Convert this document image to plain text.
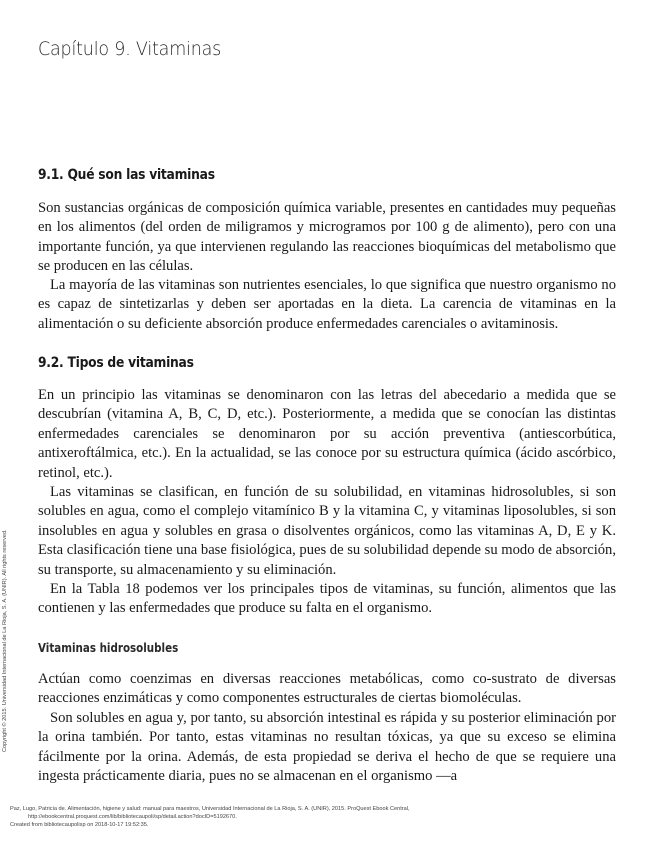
Capítulo 9. Vitaminas
9.1. Qué son las vitaminas

Son sustancias orgánicas de composición química variable, presentes en cantidades muy pequeñas en los alimentos (del orden de miligramos y microgramos por 100 g de alimento), pero con una importante función, ya que intervienen regulando las reacciones bioquímicas del metabolismo que se producen en las células.

La mayoría de las vitaminas son nutrientes esenciales, lo que significa que nuestro organismo no es capaz de sintetizarlas y deben ser aportadas en la dieta. La carencia de vitaminas en la alimentación o su deficiente absorción produce enfermedades carenciales o avitaminosis.

9.2. Tipos de vitaminas

En un principio las vitaminas se denominaron con las letras del abecedario a medida que se descubrían (vitamina A, B, C, D, etc.). Posteriormente, a medida que se conocían las distintas enfermedades carenciales se denominaron por su acción preventiva (antiescorbútica, antixeroftálmica, etc.). En la actualidad, se las conoce por su estructura química (ácido ascórbico, retinol, etc.).

Las vitaminas se clasifican, en función de su solubilidad, en vitaminas hidrosolubles, si son solubles en agua, como el complejo vitamínico B y la vitamina C, y vitaminas liposolubles, si son insolubles en agua y solubles en grasa o disolventes orgánicos, como las vitaminas A, D, E y K. Esta clasificación tiene una base fisiológica, pues de su solubilidad depende su modo de absorción, su transporte, su almacenamiento y su eliminación.

En la Tabla 18 podemos ver los principales tipos de vitaminas, su función, alimentos que las contienen y las enfermedades que produce su falta en el organismo.

Vitaminas hidrosolubles

Actúan como coenzimas en diversas reacciones metabólicas, como co-sustrato de diversas reacciones enzimáticas y como componentes estructurales de ciertas biomoléculas.

Son solubles en agua y, por tanto, su absorción intestinal es rápida y su posterior eliminación por la orina también. Por tanto, estas vitaminas no resultan tóxicas, ya que su exceso se elimina fácilmente por la orina. Además, de esta propiedad se deriva el hecho de que se requiere una ingesta prácticamente diaria, pues no se almacenan en el organismo —a

Copyright © 2015. Universidad Internacional de La Rioja, S. A. (UNIR). All rights reserved.
Paz, Lugo, Patricia de. Alimentación, higiene y salud: manual para maestros, Universidad Internacional de La Rioja, S. A. (UNIR), 2015. ProQuest Ebook Central,
http://ebookcentral.proquest.com/lib/bibliotecaupoli/sp/detail.action?docID=5192670.
Created from bibliotecaupolisp on 2018-10-17 19:52:35.
